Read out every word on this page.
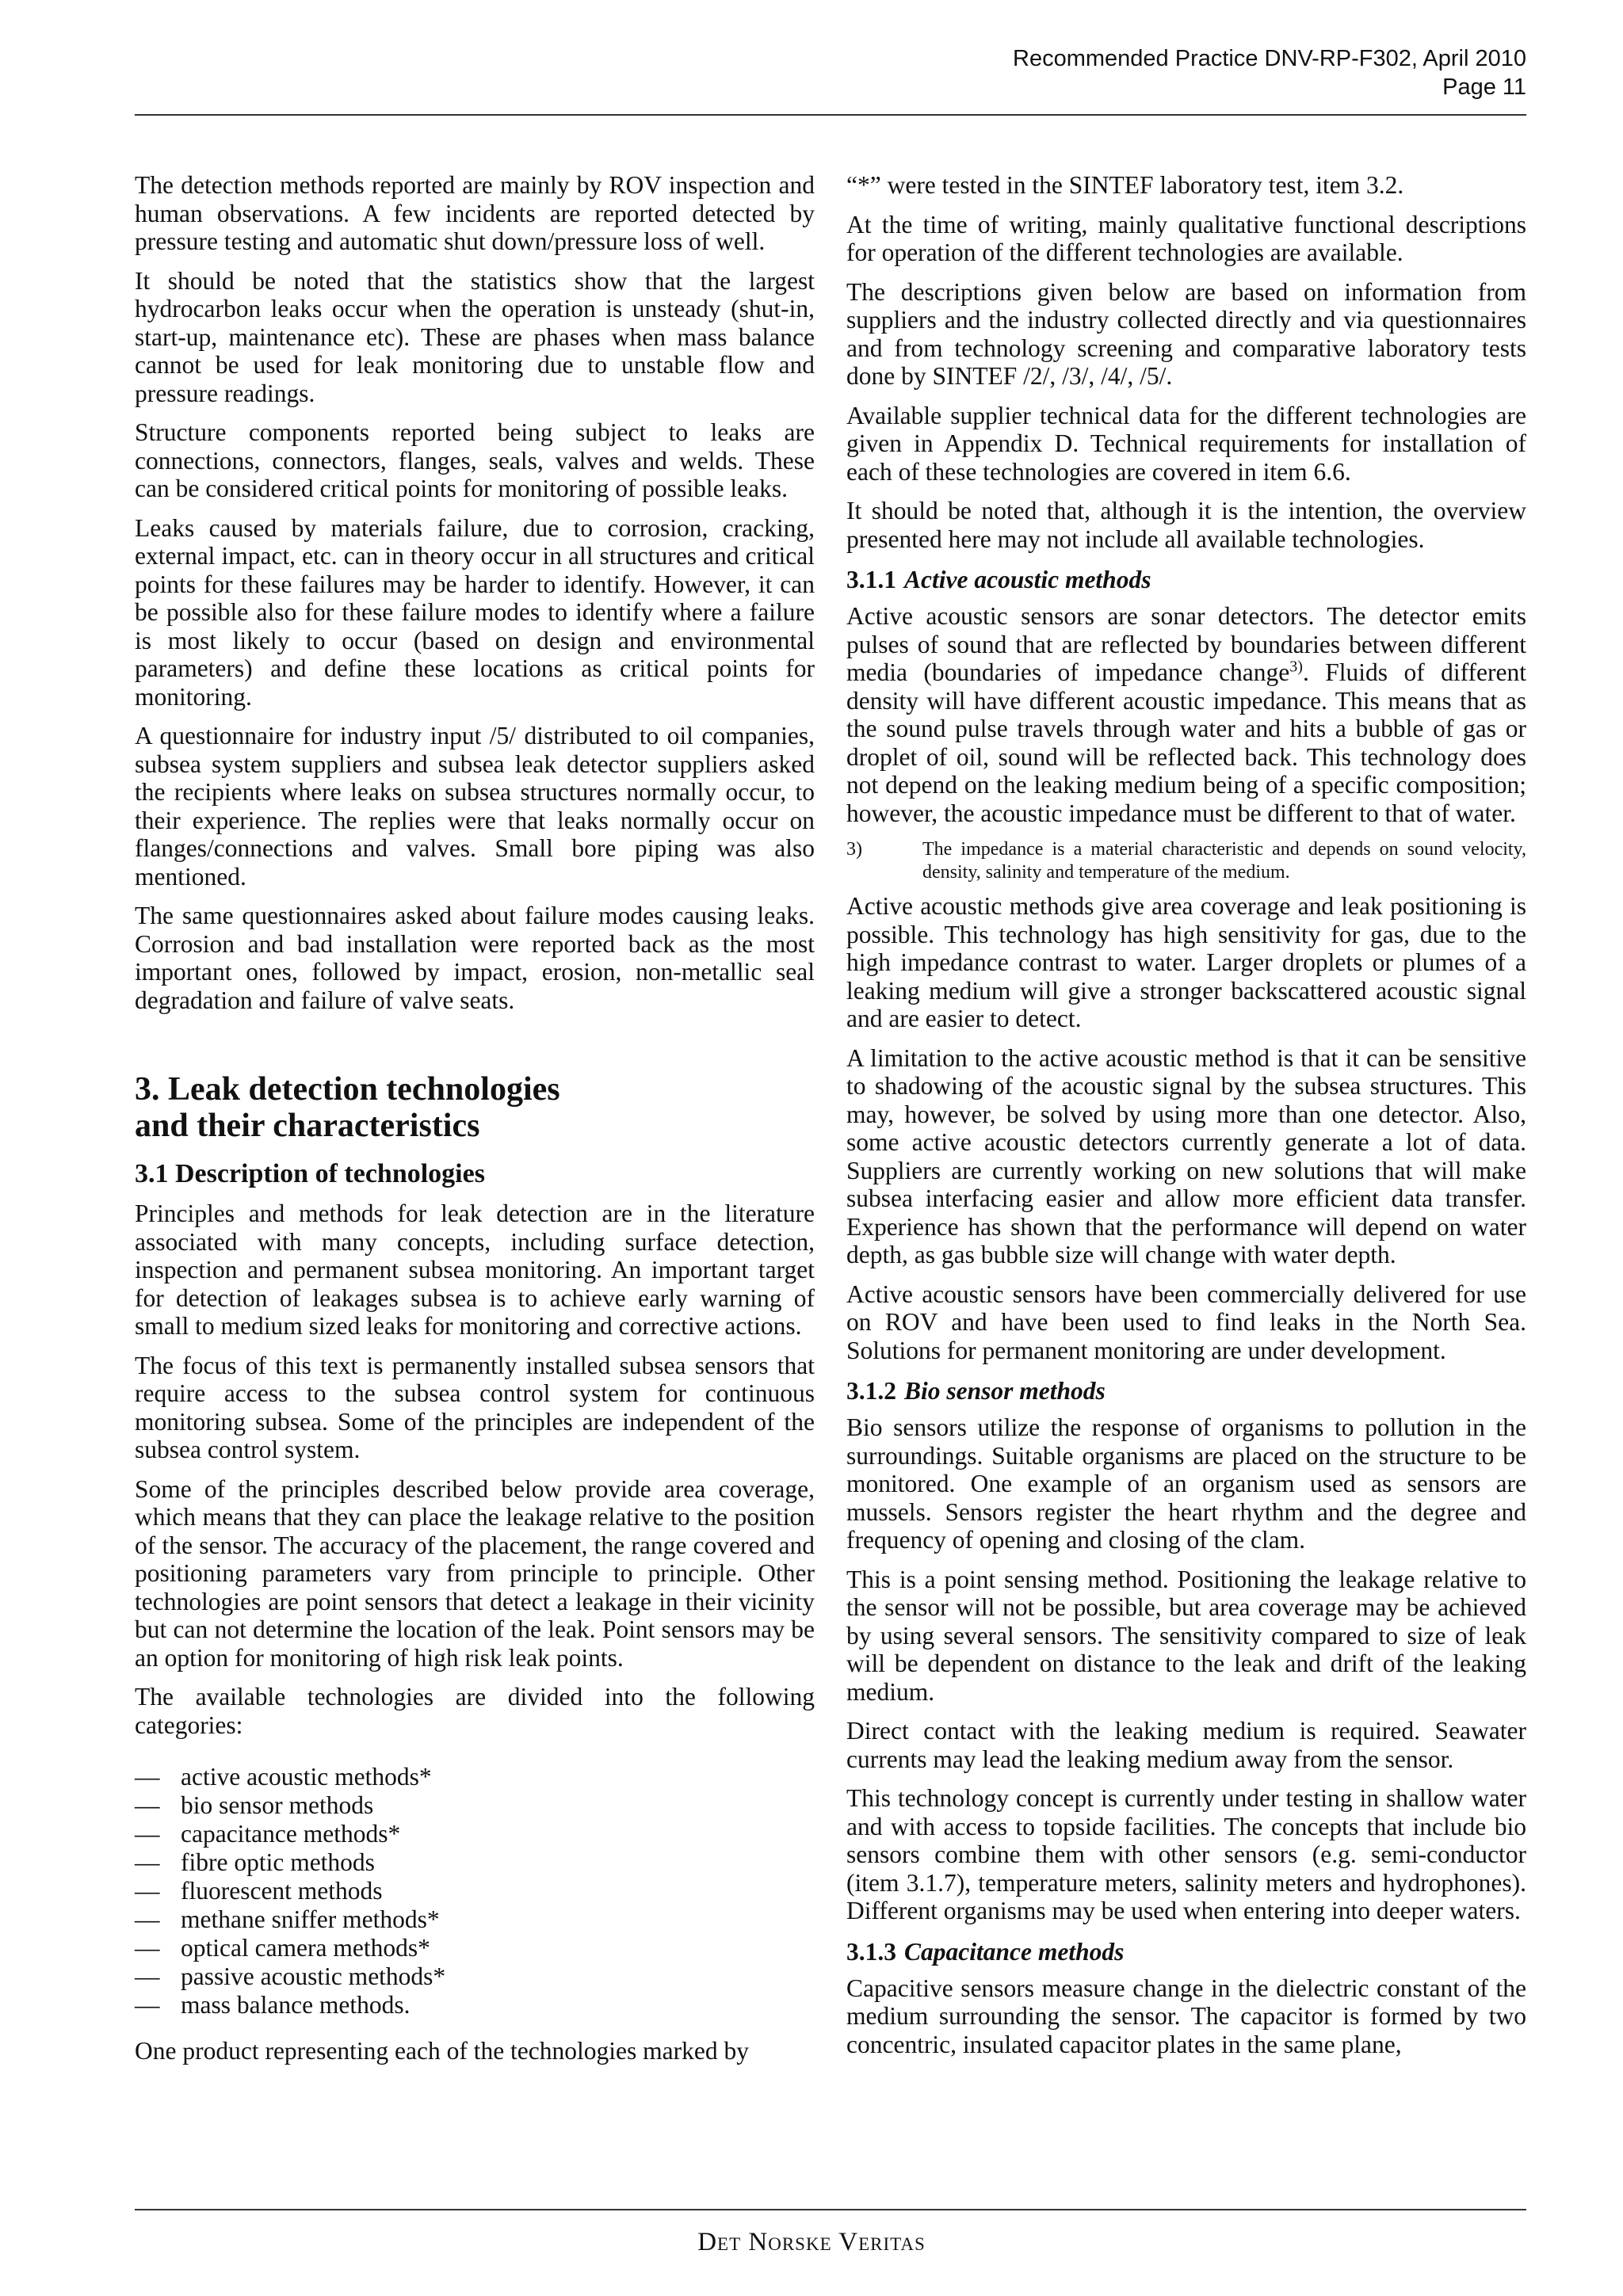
Recommended Practice DNV-RP-F302, April 2010
Page 11

The detection methods reported are mainly by ROV inspection and human observations. A few incidents are reported detected by pressure testing and automatic shut down/pressure loss of well.

It should be noted that the statistics show that the largest hydrocarbon leaks occur when the operation is unsteady (shut-in, start-up, maintenance etc). These are phases when mass balance cannot be used for leak monitoring due to unstable flow and pressure readings.

Structure components reported being subject to leaks are connections, connectors, flanges, seals, valves and welds. These can be considered critical points for monitoring of possible leaks.

Leaks caused by materials failure, due to corrosion, cracking, external impact, etc. can in theory occur in all structures and critical points for these failures may be harder to identify. However, it can be possible also for these failure modes to identify where a failure is most likely to occur (based on design and environmental parameters) and define these locations as critical points for monitoring.

A questionnaire for industry input /5/ distributed to oil companies, subsea system suppliers and subsea leak detector suppliers asked the recipients where leaks on subsea structures normally occur, to their experience. The replies were that leaks normally occur on flanges/connections and valves. Small bore piping was also mentioned.

The same questionnaires asked about failure modes causing leaks. Corrosion and bad installation were reported back as the most important ones, followed by impact, erosion, non-metallic seal degradation and failure of valve seats.

3. Leak detection technologies
and their characteristics
3.1 Description of technologies

Principles and methods for leak detection are in the literature associated with many concepts, including surface detection, inspection and permanent subsea monitoring. An important target for detection of leakages subsea is to achieve early warning of small to medium sized leaks for monitoring and corrective actions.

The focus of this text is permanently installed subsea sensors that require access to the subsea control system for continuous monitoring subsea. Some of the principles are independent of the subsea control system.

Some of the principles described below provide area coverage, which means that they can place the leakage relative to the position of the sensor. The accuracy of the placement, the range covered and positioning parameters vary from principle to principle. Other technologies are point sensors that detect a leakage in their vicinity but can not determine the location of the leak. Point sensors may be an option for monitoring of high risk leak points.

The available technologies are divided into the following categories:

— active acoustic methods*
— bio sensor methods
— capacitance methods*
— fibre optic methods
— fluorescent methods
— methane sniffer methods*
— optical camera methods*
— passive acoustic methods*
— mass balance methods.

One product representing each of the technologies marked by

“*” were tested in the SINTEF laboratory test, item 3.2.

At the time of writing, mainly qualitative functional descriptions for operation of the different technologies are available.

The descriptions given below are based on information from suppliers and the industry collected directly and via questionnaires and from technology screening and comparative laboratory tests done by SINTEF /2/, /3/, /4/, /5/.

Available supplier technical data for the different technologies are given in Appendix D. Technical requirements for installation of each of these technologies are covered in item 6.6.

It should be noted that, although it is the intention, the overview presented here may not include all available technologies.

3.1.1 Active acoustic methods

Active acoustic sensors are sonar detectors. The detector emits pulses of sound that are reflected by boundaries between different media (boundaries of impedance change$^{3)}$. Fluids of different density will have different acoustic impedance. This means that as the sound pulse travels through water and hits a bubble of gas or droplet of oil, sound will be reflected back. This technology does not depend on the leaking medium being of a specific composition; however, the acoustic impedance must be different to that of water.

3)	The impedance is a material characteristic and depends on sound velocity, density, salinity and temperature of the medium.

Active acoustic methods give area coverage and leak positioning is possible. This technology has high sensitivity for gas, due to the high impedance contrast to water. Larger droplets or plumes of a leaking medium will give a stronger backscattered acoustic signal and are easier to detect.

A limitation to the active acoustic method is that it can be sensitive to shadowing of the acoustic signal by the subsea structures. This may, however, be solved by using more than one detector. Also, some active acoustic detectors currently generate a lot of data. Suppliers are currently working on new solutions that will make subsea interfacing easier and allow more efficient data transfer. Experience has shown that the performance will depend on water depth, as gas bubble size will change with water depth.

Active acoustic sensors have been commercially delivered for use on ROV and have been used to find leaks in the North Sea. Solutions for permanent monitoring are under development.

3.1.2 Bio sensor methods

Bio sensors utilize the response of organisms to pollution in the surroundings. Suitable organisms are placed on the structure to be monitored. One example of an organism used as sensors are mussels. Sensors register the heart rhythm and the degree and frequency of opening and closing of the clam.

This is a point sensing method. Positioning the leakage relative to the sensor will not be possible, but area coverage may be achieved by using several sensors. The sensitivity compared to size of leak will be dependent on distance to the leak and drift of the leaking medium.

Direct contact with the leaking medium is required. Seawater currents may lead the leaking medium away from the sensor.

This technology concept is currently under testing in shallow water and with access to topside facilities. The concepts that include bio sensors combine them with other sensors (e.g. semi-conductor (item 3.1.7), temperature meters, salinity meters and hydrophones). Different organisms may be used when entering into deeper waters.

3.1.3 Capacitance methods

Capacitive sensors measure change in the dielectric constant of the medium surrounding the sensor. The capacitor is formed by two concentric, insulated capacitor plates in the same plane,

Det Norske Veritas
